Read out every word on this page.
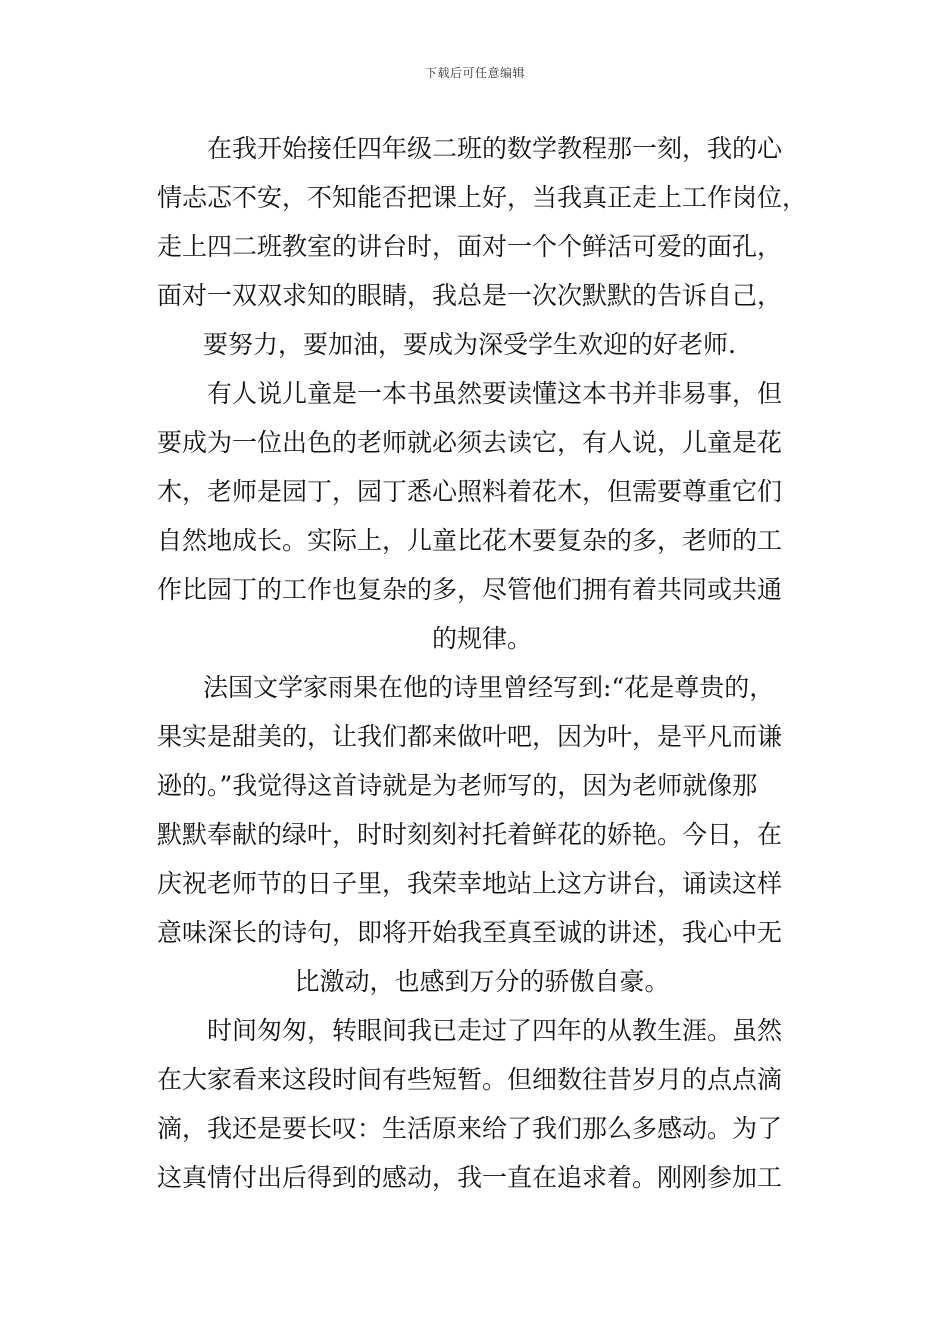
下载后可任意编辑
在我开始接任四年级二班的数学教程那一刻，我的心
情忐忑不安，不知能否把课上好，当我真正走上工作岗位，
走上四二班教室的讲台时，面对一个个鲜活可爱的面孔，
面对一双双求知的眼睛，我总是一次次默默的告诉自己，
要努力，要加油，要成为深受学生欢迎的好老师.
有人说儿童是一本书虽然要读懂这本书并非易事，但
要成为一位出色的老师就必须去读它，有人说，儿童是花
木，老师是园丁，园丁悉心照料着花木，但需要尊重它们
自然地成长。实际上，儿童比花木要复杂的多，老师的工
作比园丁的工作也复杂的多，尽管他们拥有着共同或共通
的规律。
法国文学家雨果在他的诗里曾经写到:“花是尊贵的，
果实是甜美的，让我们都来做叶吧，因为叶，是平凡而谦
逊的。”我觉得这首诗就是为老师写的，因为老师就像那
默默奉献的绿叶，时时刻刻衬托着鲜花的娇艳。今日，在
庆祝老师节的日子里，我荣幸地站上这方讲台，诵读这样
意味深长的诗句，即将开始我至真至诚的讲述，我心中无
比激动，也感到万分的骄傲自豪。
时间匆匆，转眼间我已走过了四年的从教生涯。虽然
在大家看来这段时间有些短暂。但细数往昔岁月的点点滴
滴，我还是要长叹：生活原来给了我们那么多感动。为了
这真情付出后得到的感动，我一直在追求着。刚刚参加工
